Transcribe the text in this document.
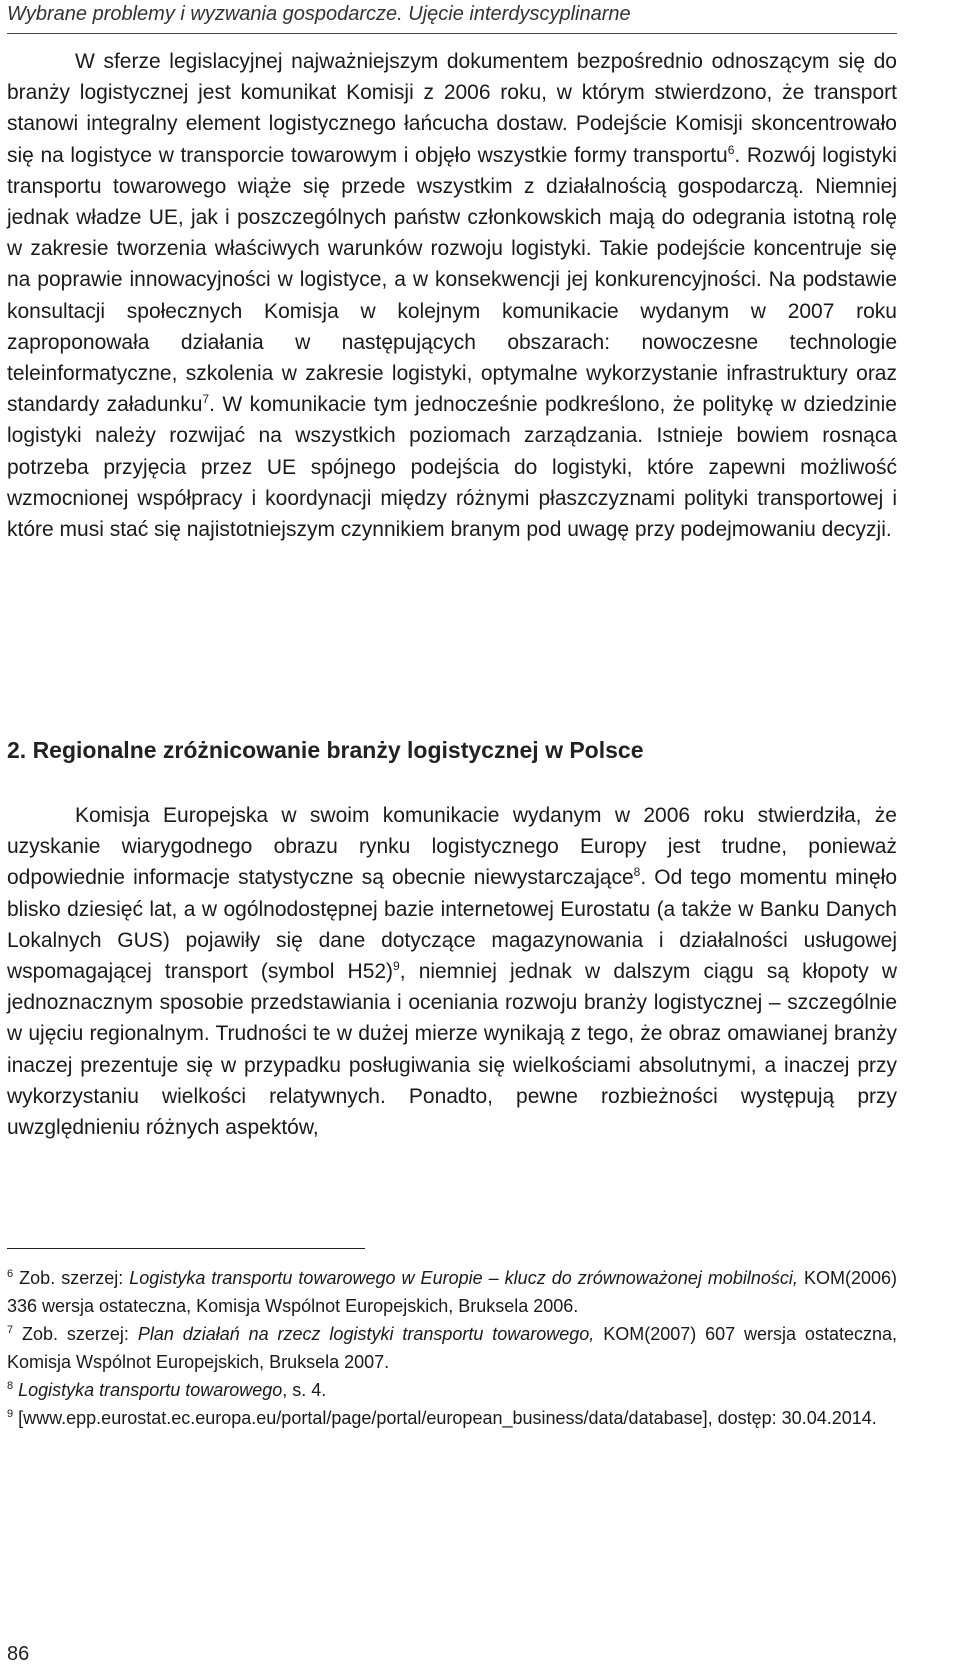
Wybrane problemy i wyzwania gospodarcze. Ujęcie interdyscyplinarne

W sferze legislacyjnej najważniejszym dokumentem bezpośrednio odnoszącym się do branży logistycznej jest komunikat Komisji z 2006 roku, w którym stwierdzono, że transport stanowi integralny element logistycznego łańcucha dostaw. Podejście Komisji skoncentrowało się na logistyce w transporcie towarowym i objęło wszystkie formy transportu$^6$. Rozwój logistyki transportu towarowego wiąże się przede wszystkim z działalnością gospodarczą. Niemniej jednak władze UE, jak i poszczególnych państw członkowskich mają do odegrania istotną rolę w zakresie tworzenia właściwych warunków rozwoju logistyki. Takie podejście koncentruje się na poprawie innowacyjności w logistyce, a w konsekwencji jej konkurencyjności. Na podstawie konsultacji społecznych Komisja w kolejnym komunikacie wydanym w 2007 roku zaproponowała działania w następujących obszarach: nowoczesne technologie teleinformatyczne, szkolenia w zakresie logistyki, optymalne wykorzystanie infrastruktury oraz standardy załadunku$^7$. W komunikacie tym jednocześnie podkreślono, że politykę w dziedzinie logistyki należy rozwijać na wszystkich poziomach zarządzania. Istnieje bowiem rosnąca potrzeba przyjęcia przez UE spójnego podejścia do logistyki, które zapewni możliwość wzmocnionej współpracy i koordynacji między różnymi płaszczyznami polityki transportowej i które musi stać się najistotniejszym czynnikiem branym pod uwagę przy podejmowaniu decyzji.

2. Regionalne zróżnicowanie branży logistycznej w Polsce

Komisja Europejska w swoim komunikacie wydanym w 2006 roku stwierdziła, że uzyskanie wiarygodnego obrazu rynku logistycznego Europy jest trudne, ponieważ odpowiednie informacje statystyczne są obecnie niewystarczające$^8$. Od tego momentu minęło blisko dziesięć lat, a w ogólnodostępnej bazie internetowej Eurostatu (a także w Banku Danych Lokalnych GUS) pojawiły się dane dotyczące magazynowania i działalności usługowej wspomagającej transport (symbol H52)$^9$, niemniej jednak w dalszym ciągu są kłopoty w jednoznacznym sposobie przedstawiania i oceniania rozwoju branży logistycznej – szczególnie w ujęciu regionalnym. Trudności te w dużej mierze wynikają z tego, że obraz omawianej branży inaczej prezentuje się w przypadku posługiwania się wielkościami absolutnymi, a inaczej przy wykorzystaniu wielkości relatywnych. Ponadto, pewne rozbieżności występują przy uwzględnieniu różnych aspektów,

$^6$ Zob. szerzej: Logistyka transportu towarowego w Europie – klucz do zrównoważonej mobilności, KOM(2006) 336 wersja ostateczna, Komisja Wspólnot Europejskich, Bruksela 2006.

$^7$ Zob. szerzej: Plan działań na rzecz logistyki transportu towarowego, KOM(2007) 607 wersja ostateczna, Komisja Wspólnot Europejskich, Bruksela 2007.

$^8$ Logistyka transportu towarowego, s. 4.

$^9$ [www.epp.eurostat.ec.europa.eu/portal/page/portal/european_business/data/database], dostęp: 30.04.2014.

86
